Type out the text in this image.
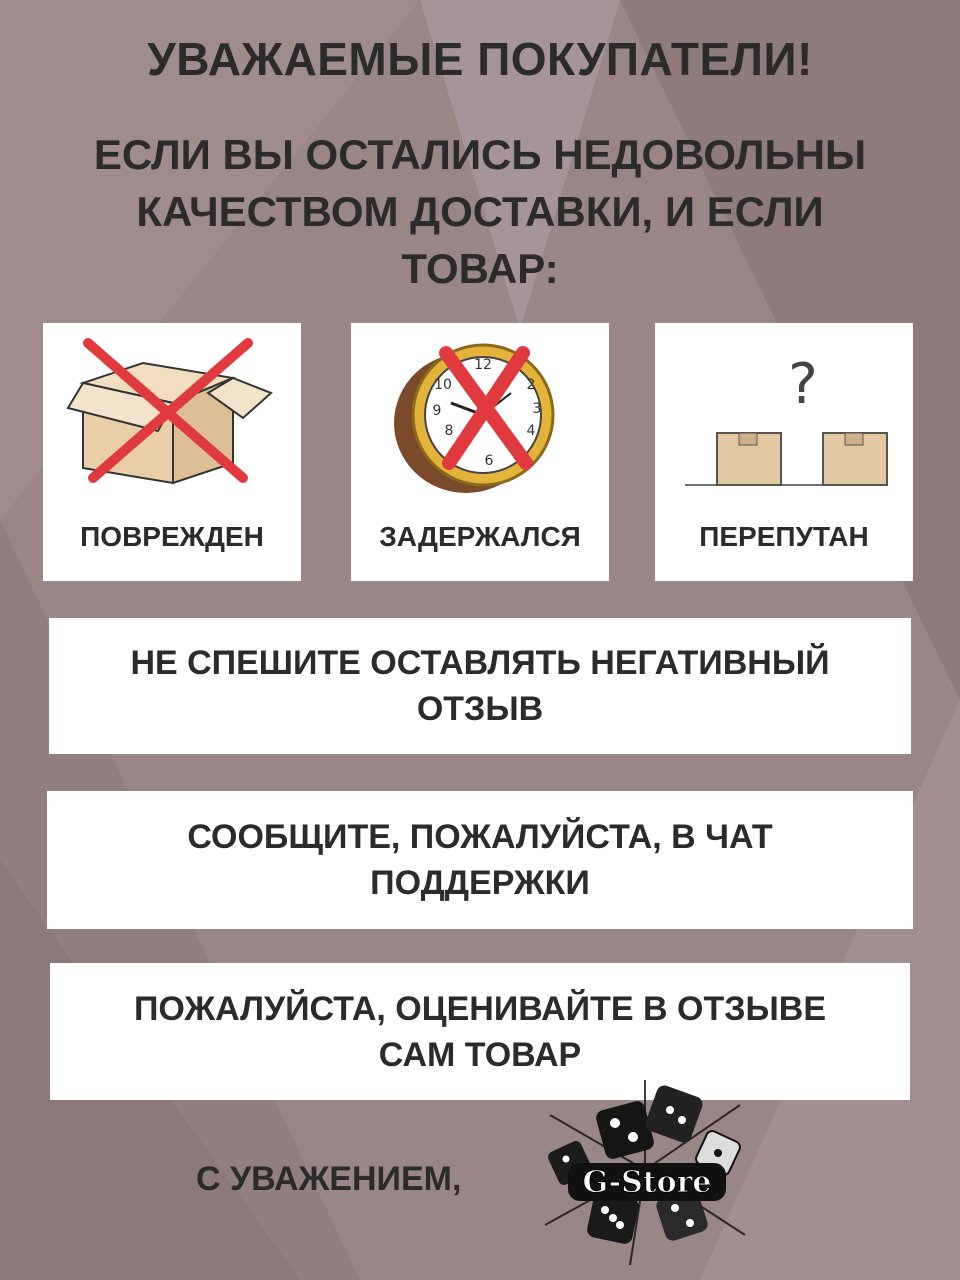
УВАЖАЕМЫЕ ПОКУПАТЕЛИ!
ЕСЛИ ВЫ ОСТАЛИСЬ НЕДОВОЛЬНЫ
КАЧЕСТВОМ ДОСТАВКИ, И ЕСЛИ
ТОВАР:
ПОВРЕЖДЕН
12
2
3
4
6
8
9
10
ЗАДЕРЖАЛСЯ
?
ПЕРЕПУТАН
НЕ СПЕШИТЕ ОСТАВЛЯТЬ НЕГАТИВНЫЙ
ОТЗЫВ
СООБЩИТЕ, ПОЖАЛУЙСТА, В ЧАТ
ПОДДЕРЖКИ
ПОЖАЛУЙСТА, ОЦЕНИВАЙТЕ В ОТЗЫВЕ
САМ ТОВАР
С УВАЖЕНИЕМ,	G-Store
